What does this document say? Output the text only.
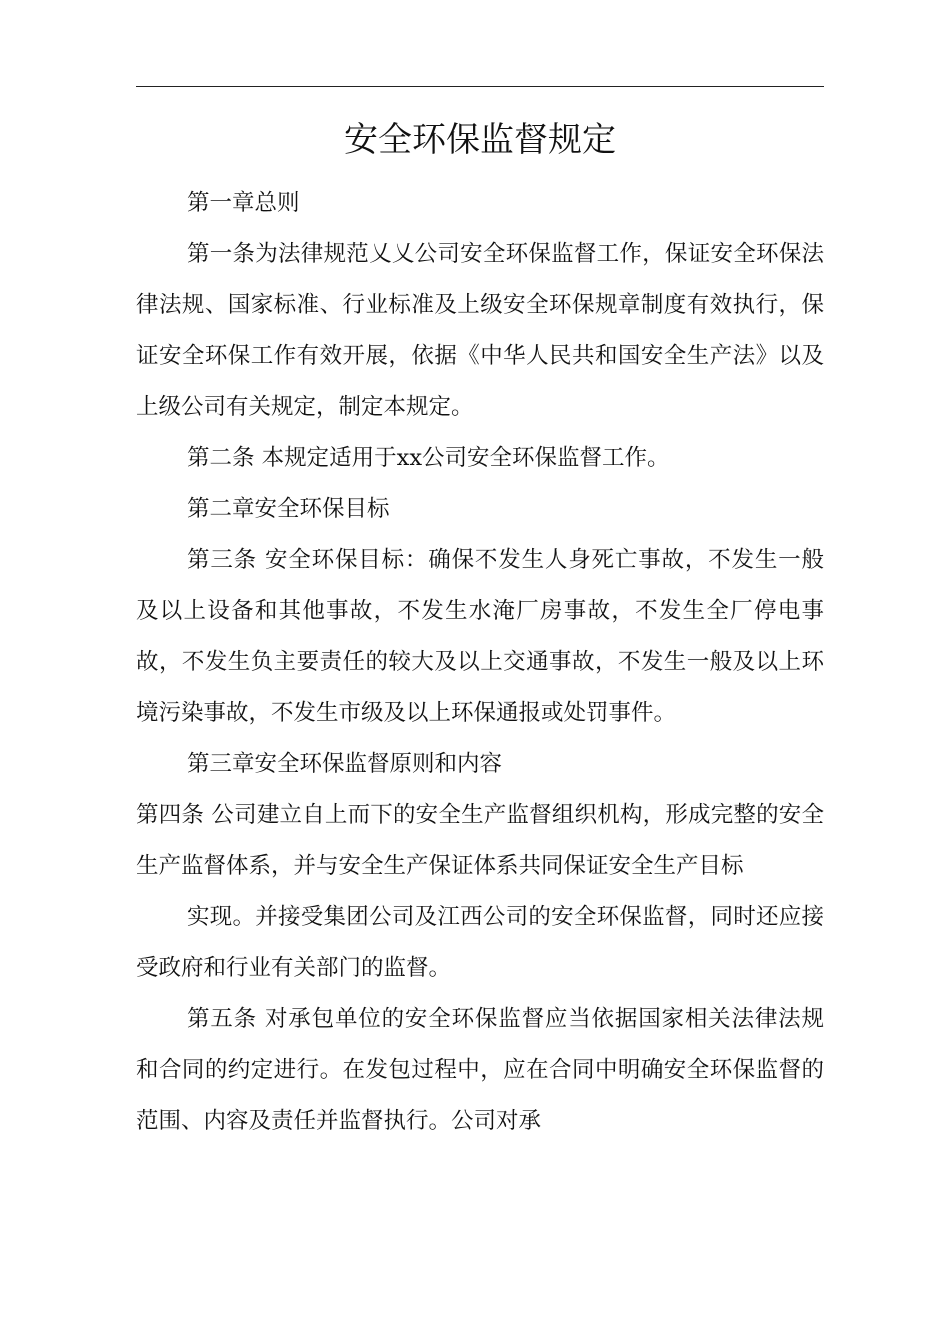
安全环保监督规定

第一章总则

第一条为法律规范乂乂公司安全环保监督工作，保证安全环保法律法规、国家标准、行业标准及上级安全环保规章制度有效执行，保证安全环保工作有效开展，依据《中华人民共和国安全生产法》以及上级公司有关规定，制定本规定。

第二条 本规定适用于xx公司安全环保监督工作。

第二章安全环保目标

第三条 安全环保目标：确保不发生人身死亡事故，不发生一般及以上设备和其他事故，不发生水淹厂房事故，不发生全厂停电事故，不发生负主要责任的较大及以上交通事故，不发生一般及以上环境污染事故，不发生市级及以上环保通报或处罚事件。

第三章安全环保监督原则和内容

第四条 公司建立自上而下的安全生产监督组织机构，形成完整的安全生产监督体系，并与安全生产保证体系共同保证安全生产目标

实现。并接受集团公司及江西公司的安全环保监督，同时还应接受政府和行业有关部门的监督。

第五条 对承包单位的安全环保监督应当依据国家相关法律法规和合同的约定进行。在发包过程中，应在合同中明确安全环保监督的范围、内容及责任并监督执行。公司对承
